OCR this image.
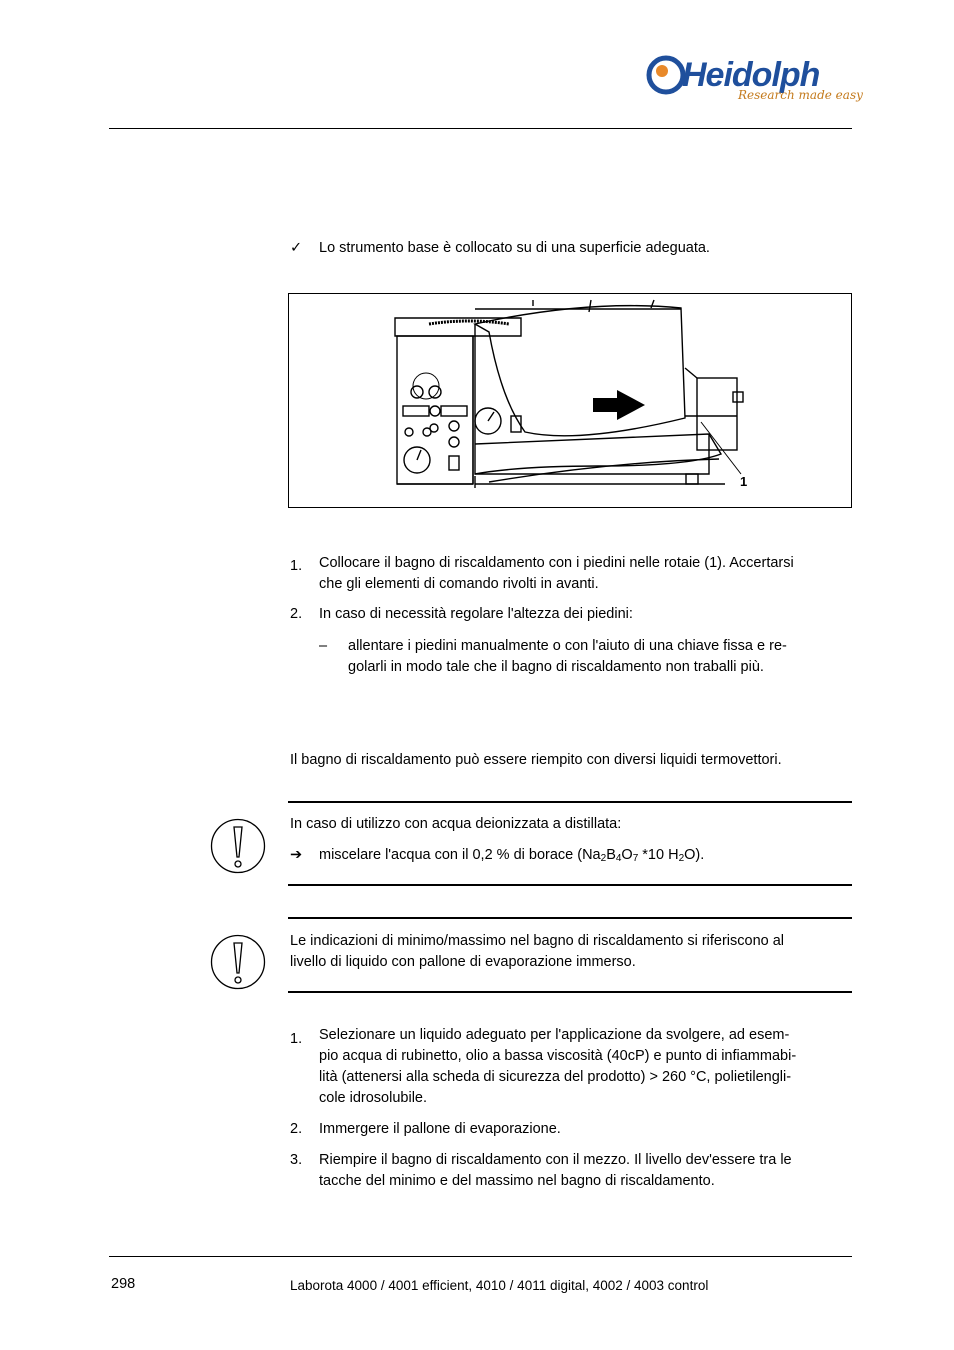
Heidolph
Research made easy
✓ Lo strumento base è collocato su di una superficie adeguata.
1
1. Collocare il bagno di riscaldamento con i piedini nelle rotaie (1). Accertarsi
che gli elementi di comando rivolti in avanti.
2. In caso di necessità regolare l'altezza dei piedini:
– allentare i piedini manualmente o con l'aiuto di una chiave fissa e re-
golarli in modo tale che il bagno di riscaldamento non traballi più.
Il bagno di riscaldamento può essere riempito con diversi liquidi termovettori.
In caso di utilizzo con acqua deionizzata a distillata:
➔ miscelare l'acqua con il 0,2 % di borace ($Na_2B_4O_7$ *10 $H_2O$).
Le indicazioni di minimo/massimo nel bagno di riscaldamento si riferiscono al
livello di liquido con pallone di evaporazione immerso.
1. Selezionare un liquido adeguato per l'applicazione da svolgere, ad esem-
pio acqua di rubinetto, olio a bassa viscosità (40cP) e punto di infiammabi-
lità (attenersi alla scheda di sicurezza del prodotto) > 260 °C, polietilengli-
cole idrosolubile.
2. Immergere il pallone di evaporazione.
3. Riempire il bagno di riscaldamento con il mezzo. Il livello dev'essere tra le
tacche del minimo e del massimo nel bagno di riscaldamento.
298	Laborota 4000 / 4001 efficient, 4010 / 4011 digital, 4002 / 4003 control
